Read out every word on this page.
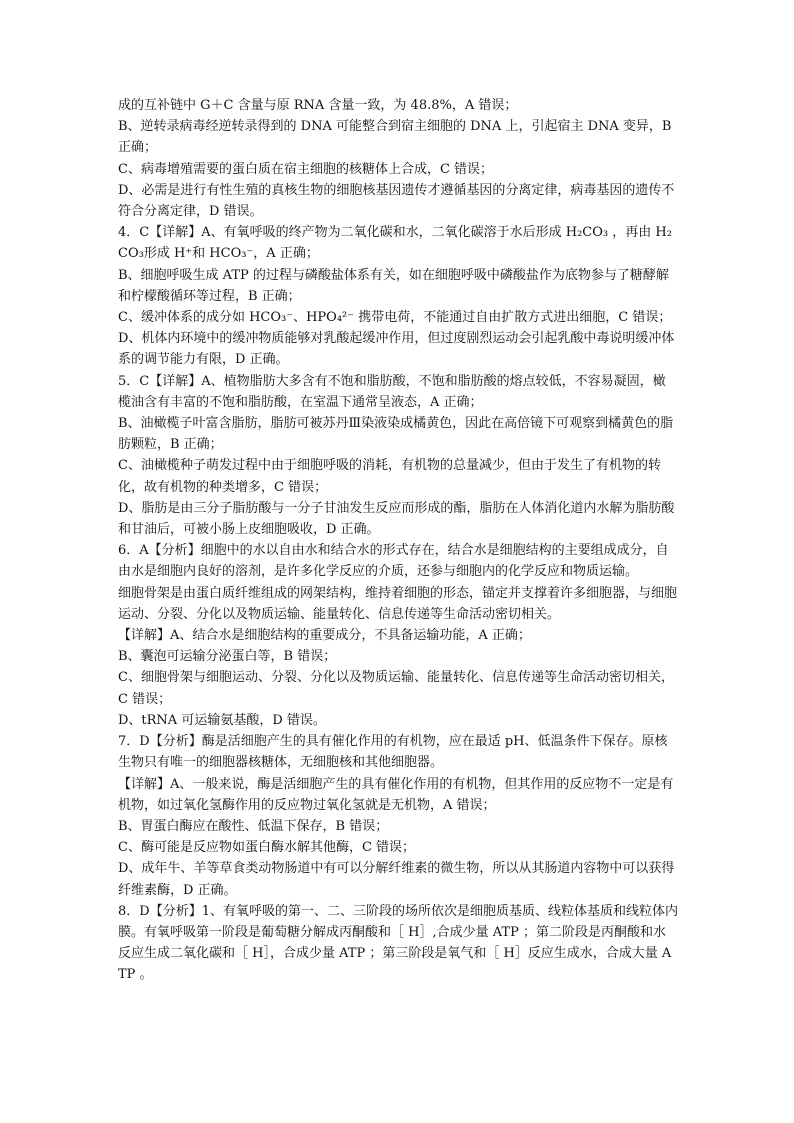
成的互补链中 G＋C 含量与原 RNA 含量一致，为 48.8%，A 错误；

B、逆转录病毒经逆转录得到的 DNA 可能整合到宿主细胞的 DNA 上，引起宿主 DNA 变异，B 正确；

C、病毒增殖需要的蛋白质在宿主细胞的核糖体上合成，C 错误；

D、必需是进行有性生殖的真核生物的细胞核基因遗传才遵循基因的分离定律，病毒基因的遗传不符合分离定律，D 错误。

4．C【详解】A、有氧呼吸的终产物为二氧化碳和水，二氧化碳溶于水后形成 H₂CO₃ ，再由 H₂CO₃形成 H⁺和 HCO₃⁻，A 正确；

B、细胞呼吸生成 ATP 的过程与磷酸盐体系有关，如在细胞呼吸中磷酸盐作为底物参与了糖酵解和柠檬酸循环等过程，B 正确；

C、缓冲体系的成分如 HCO₃⁻、HPO₄²⁻ 携带电荷，不能通过自由扩散方式进出细胞，C 错误；

D、机体内环境中的缓冲物质能够对乳酸起缓冲作用，但过度剧烈运动会引起乳酸中毒说明缓冲体系的调节能力有限，D 正确。

5．C【详解】A、植物脂肪大多含有不饱和脂肪酸，不饱和脂肪酸的熔点较低，不容易凝固，橄榄油含有丰富的不饱和脂肪酸，在室温下通常呈液态，A 正确；

B、油橄榄子叶富含脂肪，脂肪可被苏丹Ⅲ染液染成橘黄色，因此在高倍镜下可观察到橘黄色的脂肪颗粒，B 正确；

C、油橄榄种子萌发过程中由于细胞呼吸的消耗，有机物的总量减少，但由于发生了有机物的转化，故有机物的种类增多，C 错误；

D、脂肪是由三分子脂肪酸与一分子甘油发生反应而形成的酯，脂肪在人体消化道内水解为脂肪酸和甘油后，可被小肠上皮细胞吸收，D 正确。

6．A【分析】细胞中的水以自由水和结合水的形式存在，结合水是细胞结构的主要组成成分，自由水是细胞内良好的溶剂，是许多化学反应的介质，还参与细胞内的化学反应和物质运输。

细胞骨架是由蛋白质纤维组成的网架结构，维持着细胞的形态，锚定并支撑着许多细胞器，与细胞运动、分裂、分化以及物质运输、能量转化、信息传递等生命活动密切相关。

【详解】A、结合水是细胞结构的重要成分，不具备运输功能，A 正确；

B、囊泡可运输分泌蛋白等，B 错误；

C、细胞骨架与细胞运动、分裂、分化以及物质运输、能量转化、信息传递等生命活动密切相关，C 错误；

D、tRNA 可运输氨基酸，D 错误。

7．D【分析】酶是活细胞产生的具有催化作用的有机物，应在最适 pH、低温条件下保存。原核生物只有唯一的细胞器核糖体，无细胞核和其他细胞器。

【详解】A、一般来说，酶是活细胞产生的具有催化作用的有机物，但其作用的反应物不一定是有机物，如过氧化氢酶作用的反应物过氧化氢就是无机物，A 错误；

B、胃蛋白酶应在酸性、低温下保存，B 错误；

C、酶可能是反应物如蛋白酶水解其他酶，C 错误；

D、成年牛、羊等草食类动物肠道中有可以分解纤维素的微生物，所以从其肠道内容物中可以获得纤维素酶，D 正确。

8．D【分析】1、有氧呼吸的第一、二、三阶段的场所依次是细胞质基质、线粒体基质和线粒体内膜。有氧呼吸第一阶段是葡萄糖分解成丙酮酸和［ H］,合成少量 ATP ；第二阶段是丙酮酸和水反应生成二氧化碳和［ H］，合成少量 ATP ；第三阶段是氧气和［ H］反应生成水，合成大量 ATP 。
